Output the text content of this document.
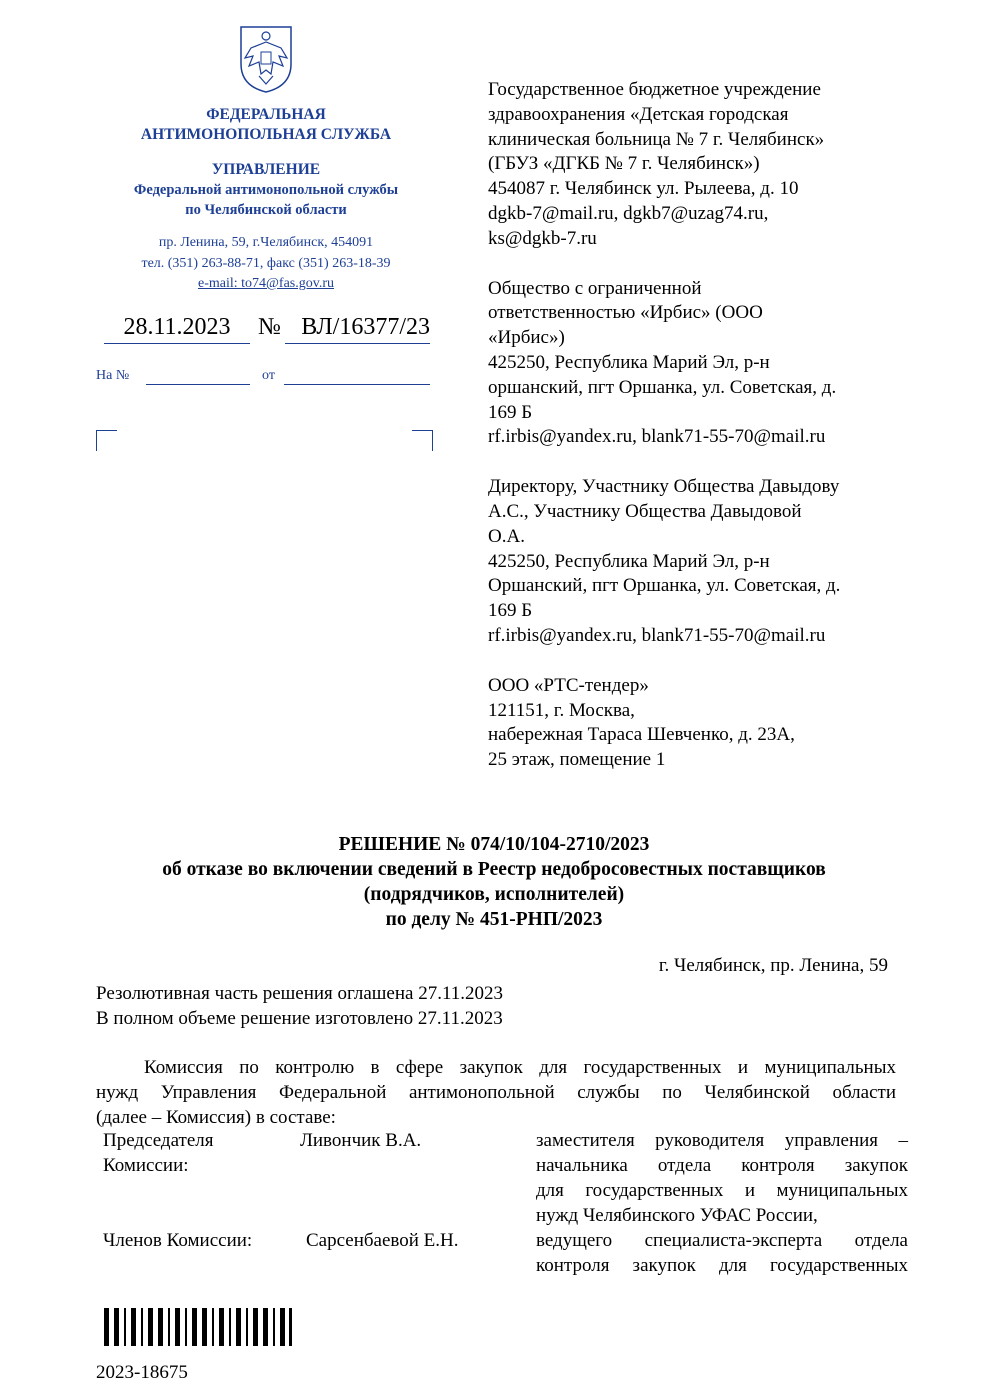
ФЕДЕРАЛЬНАЯ
АНТИМОНОПОЛЬНАЯ СЛУЖБА
УПРАВЛЕНИЕ
Федеральной антимонопольной службы
по Челябинской области
пр. Ленина, 59, г.Челябинск, 454091
тел. (351) 263-88-71, факс (351) 263-18-39
e-mail: to74@fas.gov.ru
28.11.2023	№ ВЛ/16377/23
На №	от
Государственное бюджетное учреждение
здравоохранения «Детская городская
клиническая больница № 7 г. Челябинск»
(ГБУЗ «ДГКБ № 7 г. Челябинск»)
454087 г. Челябинск ул. Рылеева, д. 10
dgkb-7@mail.ru, dgkb7@uzag74.ru,
ks@dgkb-7.ru
Общество с ограниченной
ответственностью «Ирбис» (ООО
«Ирбис»)
425250, Республика Марий Эл, р-н
оршанский, пгт Оршанка, ул. Советская, д.
169 Б
rf.irbis@yandex.ru, blank71-55-70@mail.ru
Директору, Участнику Общества Давыдову
А.С., Участнику Общества Давыдовой
О.А.
425250, Республика Марий Эл, р-н
Оршанский, пгт Оршанка, ул. Советская, д.
169 Б
rf.irbis@yandex.ru, blank71-55-70@mail.ru
ООО «РТС-тендер»
121151, г. Москва,
набережная Тараса Шевченко, д. 23А,
25 этаж, помещение 1
РЕШЕНИЕ № 074/10/104-2710/2023
об отказе во включении сведений в Реестр недобросовестных поставщиков
(подрядчиков, исполнителей)
по делу № 451-РНП/2023
г. Челябинск, пр. Ленина, 59
Резолютивная часть решения оглашена 27.11.2023
В полном объеме решение изготовлено 27.11.2023
Комиссия по контролю в сфере закупок для государственных и муниципальных
нужд Управления Федеральной антимонопольной службы по Челябинской области
(далее – Комиссия) в составе:
Председателя
Комиссии:
Ливончик В.А.	заместителя руководителя управления –
начальника отдела контроля закупок
для государственных и муниципальных
нужд Челябинского УФАС России,
Членов Комиссии:	Сарсенбаевой Е.Н.	ведущего специалиста-эксперта отдела
контроля закупок для государственных
2023-18675
